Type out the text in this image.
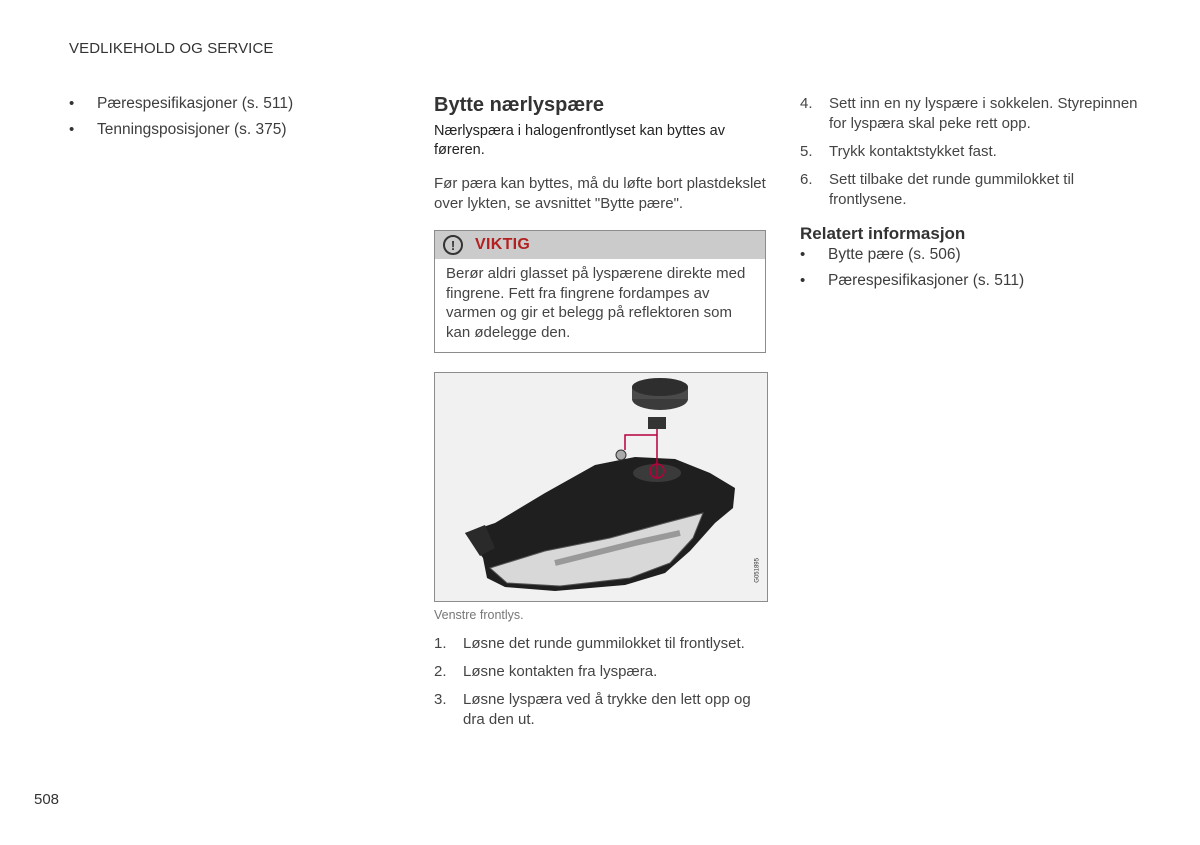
VEDLIKEHOLD OG SERVICE
• Pærespesifikasjoner (s. 511)
• Tenningsposisjoner (s. 375)
Bytte nærlyspære

Nærlyspæra i halogenfrontlyset kan byttes av føreren.

Før pæra kan byttes, må du løfte bort plastdekslet over lykten, se avsnittet "Bytte pære".

!	VIKTIG
Berør aldri glasset på lyspærene direkte med fingrene. Fett fra fingrene fordampes av varmen og gir et belegg på reflektoren som kan ødelegge den.
G051895
Venstre frontlys.
1.	Løsne det runde gummilokket til frontlyset.
2.	Løsne kontakten fra lyspæra.
3.	Løsne lyspæra ved å trykke den lett opp og dra den ut.
4.	Sett inn en ny lyspære i sokkelen. Styrepinnen for lyspæra skal peke rett opp.
5.	Trykk kontaktstykket fast.
6.	Sett tilbake det runde gummilokket til frontlysene.
Relatert informasjon
• Bytte pære (s. 506)
• Pærespesifikasjoner (s. 511)
508
